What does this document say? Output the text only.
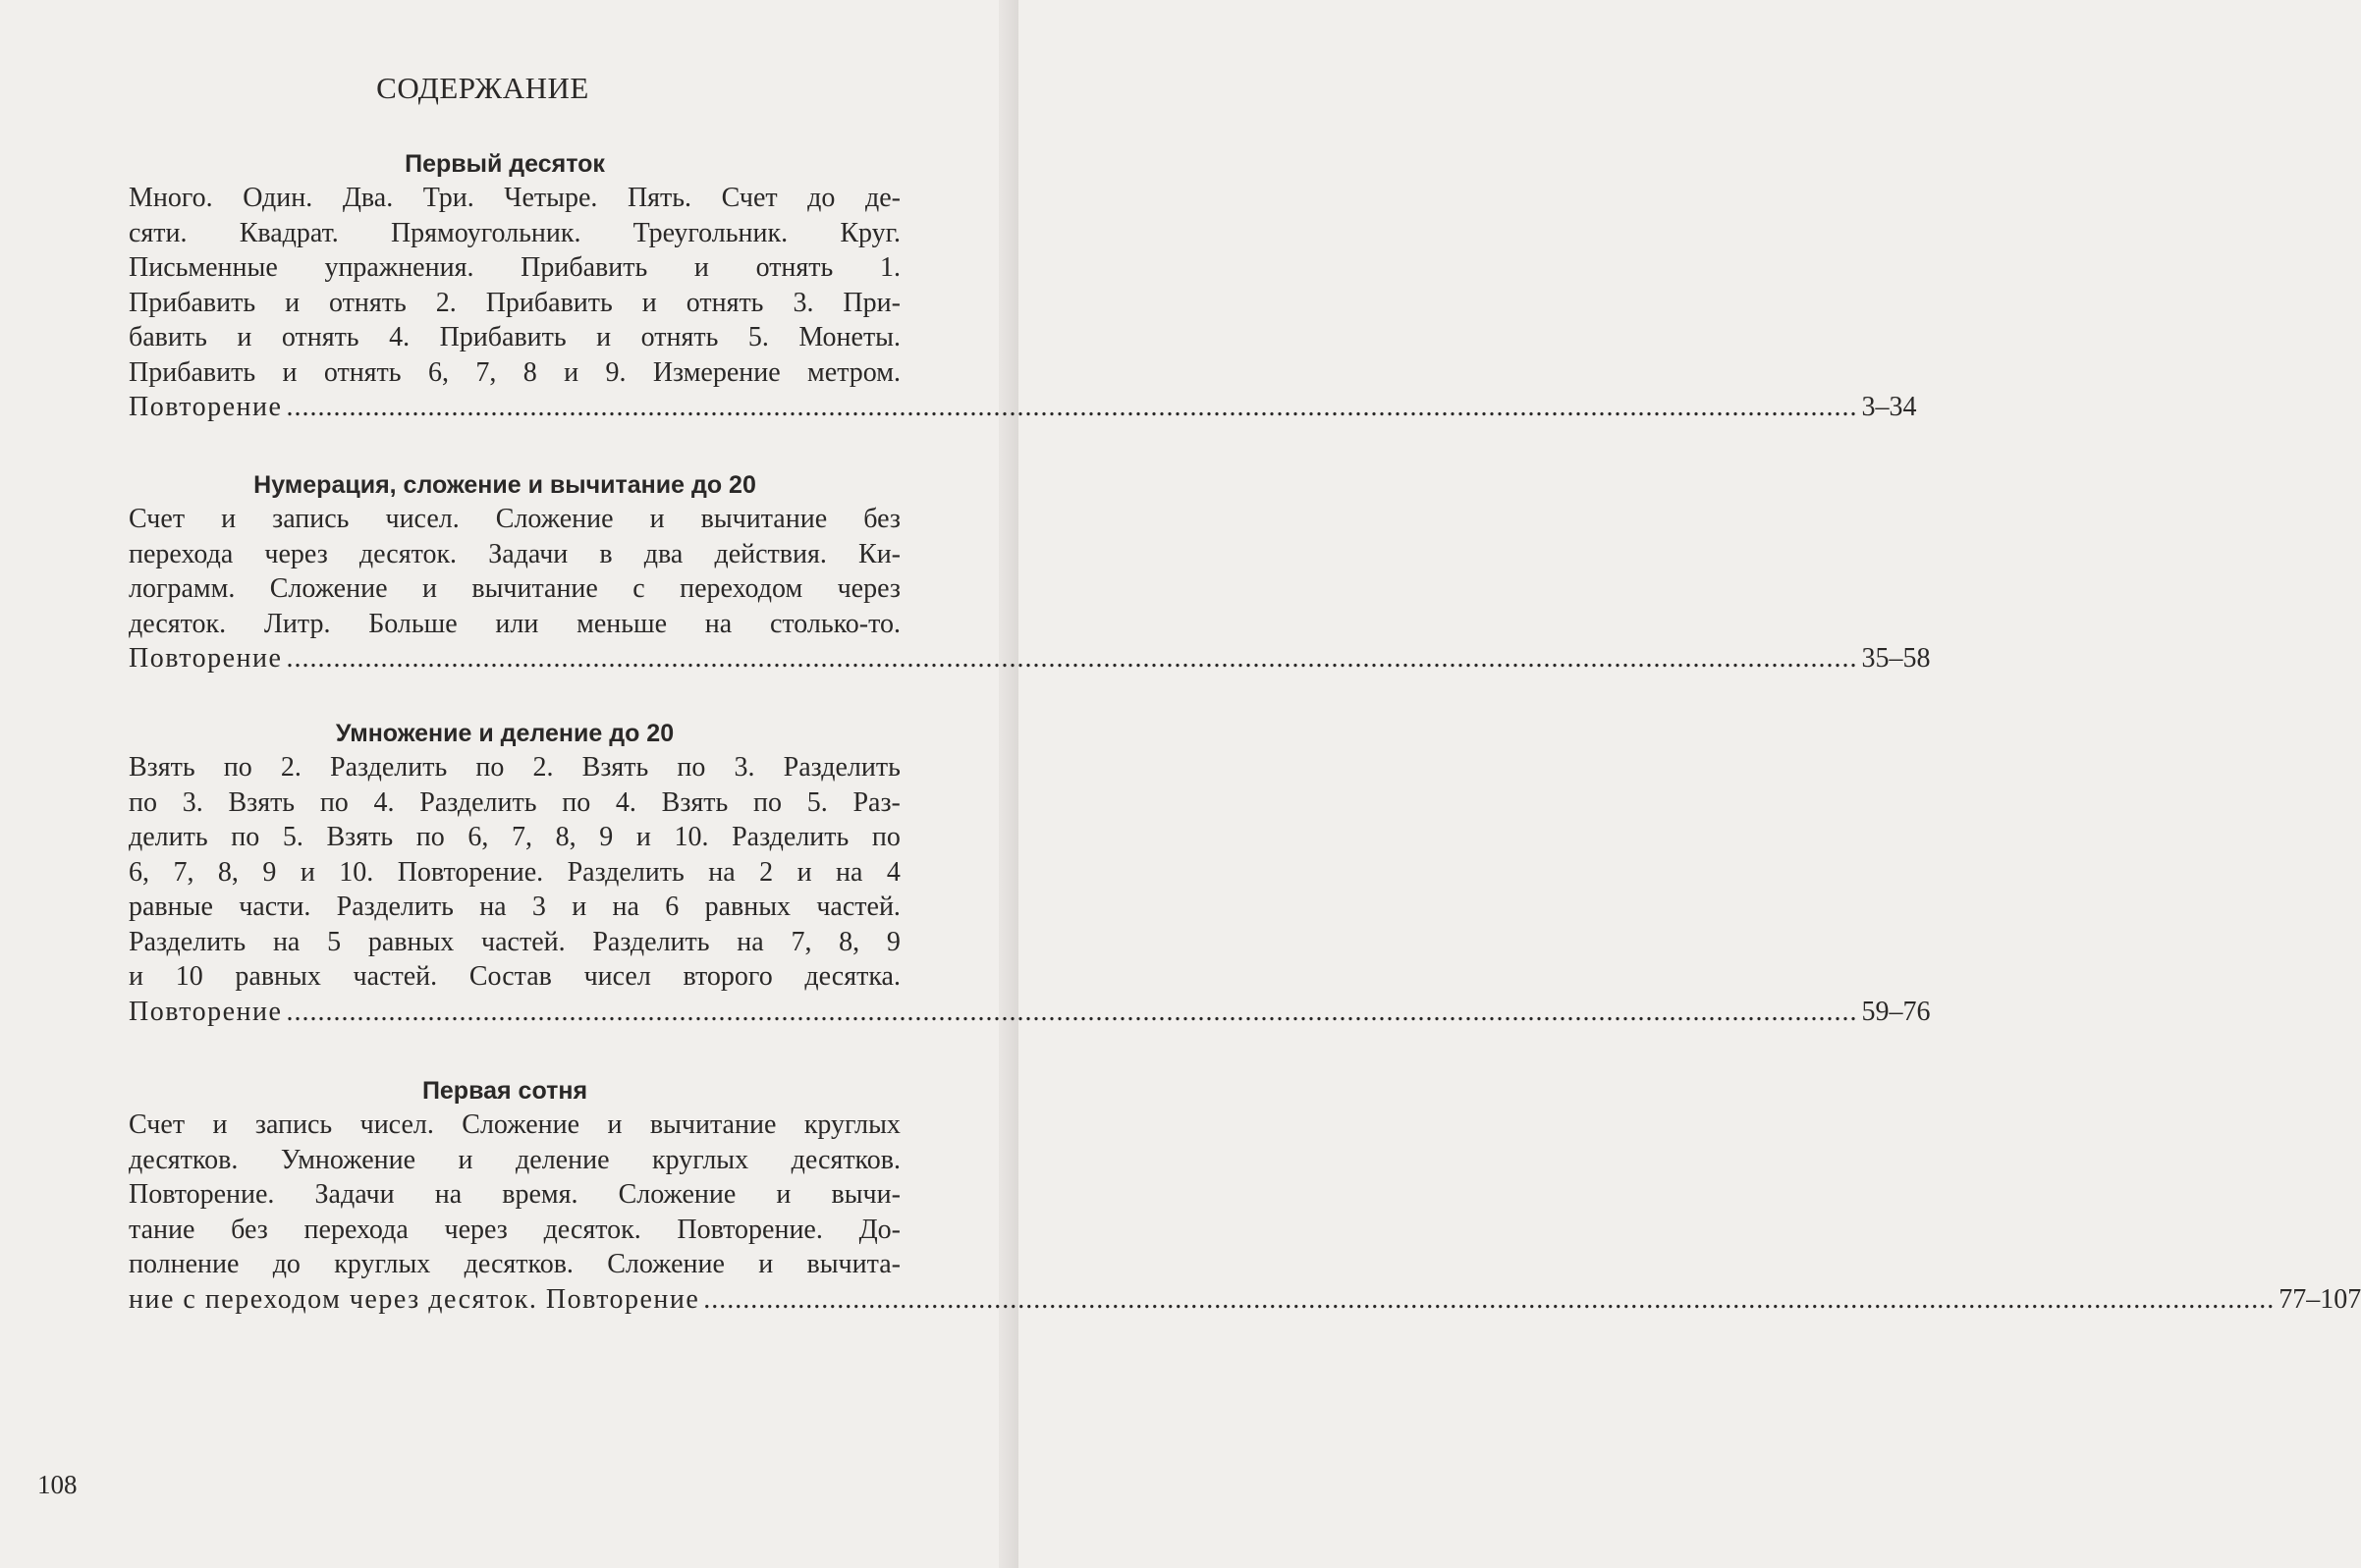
СОДЕРЖАНИЕ
Первый десяток
Много. Один. Два. Три. Четыре. Пять. Счет до де-
сяти. Квадрат. Прямоугольник. Треугольник. Круг.
Письменные упражнения. Прибавить и отнять 1.
Прибавить и отнять 2. Прибавить и отнять 3. При-
бавить и отнять 4. Прибавить и отнять 5. Монеты.
Прибавить и отнять 6, 7, 8 и 9. Измерение метром.
Повторение ........................................................................................................................................................................................................ 3–34
Нумерация, сложение и вычитание до 20
Счет и запись чисел. Сложение и вычитание без
перехода через десяток. Задачи в два действия. Ки-
лограмм. Сложение и вычитание с переходом через
десяток. Литр. Больше или меньше на столько-то.
Повторение ........................................................................................................................................................................................................ 35–58
Умножение и деление до 20
Взять по 2. Разделить по 2. Взять по 3. Разделить
по 3. Взять по 4. Разделить по 4. Взять по 5. Раз-
делить по 5. Взять по 6, 7, 8, 9 и 10. Разделить по
6, 7, 8, 9 и 10. Повторение. Разделить на 2 и на 4
равные части. Разделить на 3 и на 6 равных частей.
Разделить на 5 равных частей. Разделить на 7, 8, 9
и 10 равных частей. Состав чисел второго десятка.
Повторение ........................................................................................................................................................................................................ 59–76
Первая сотня
Счет и запись чисел. Сложение и вычитание круглых
десятков. Умножение и деление круглых десятков.
Повторение. Задачи на время. Сложение и вычи-
тание без перехода через десяток. Повторение. До-
полнение до круглых десятков. Сложение и вычита-
ние с переходом через десяток. Повторение ........................................................................................................................................................................................................ 77–107

108
